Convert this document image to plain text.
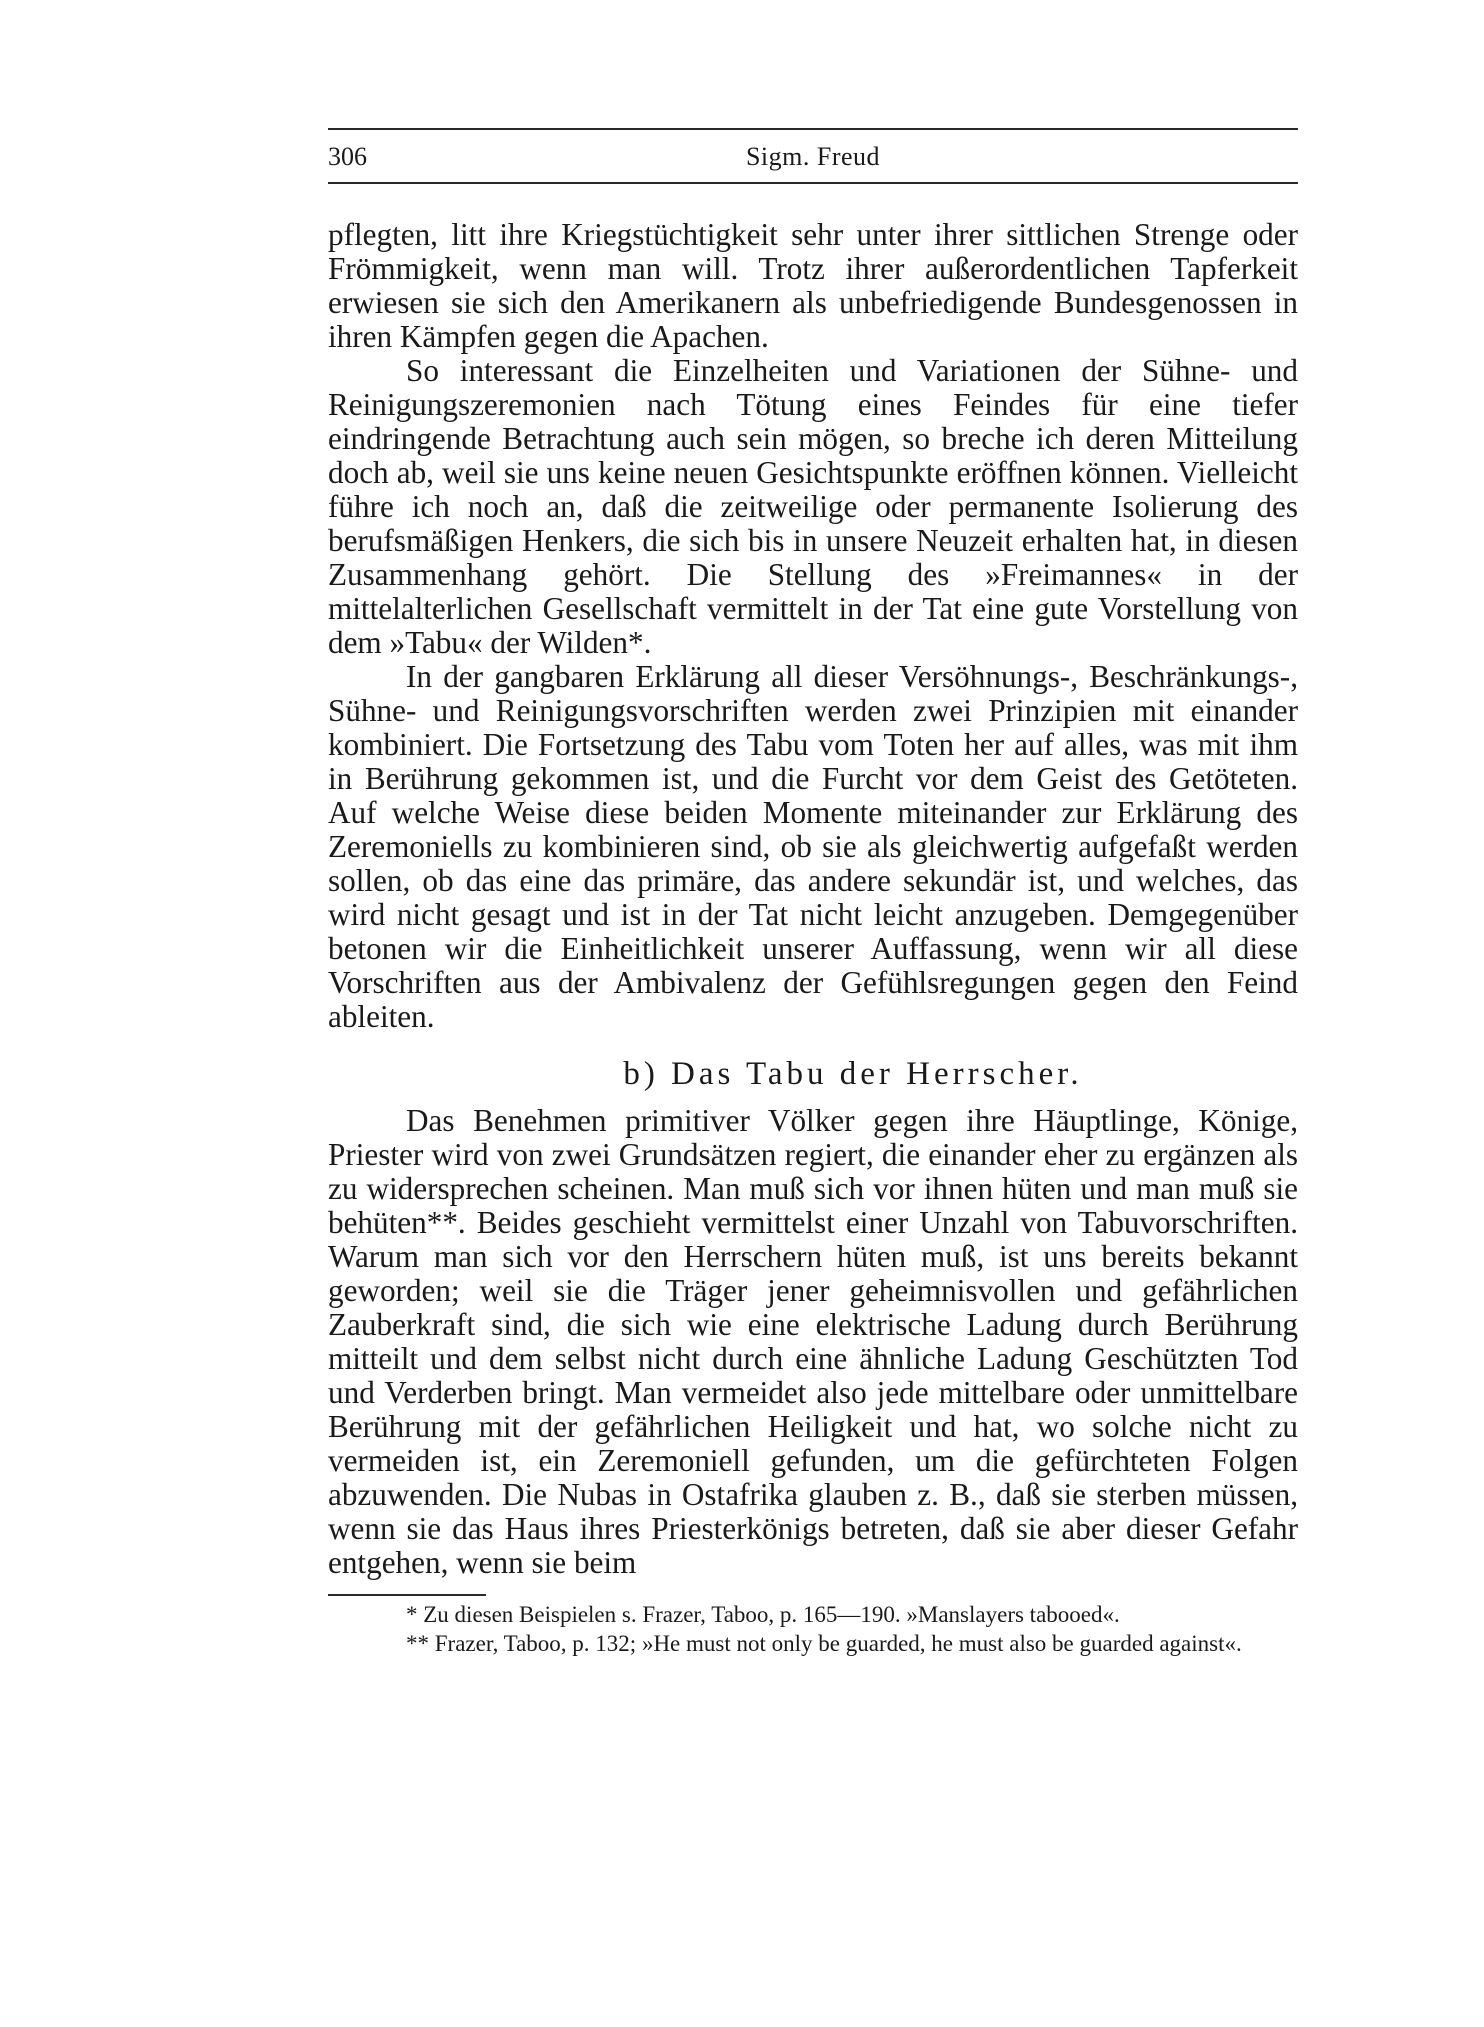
306	Sigm. Freud

pflegten, litt ihre Kriegstüchtigkeit sehr unter ihrer sittlichen Strenge oder Frömmigkeit, wenn man will. Trotz ihrer außerordentlichen Tapferkeit erwiesen sie sich den Amerikanern als unbefriedigende Bundesgenossen in ihren Kämpfen gegen die Apachen.

So interessant die Einzelheiten und Variationen der Sühne- und Reinigungszeremonien nach Tötung eines Feindes für eine tiefer eindringende Betrachtung auch sein mögen, so breche ich deren Mitteilung doch ab, weil sie uns keine neuen Gesichtspunkte eröffnen können. Vielleicht führe ich noch an, daß die zeitweilige oder permanente Isolierung des berufsmäßigen Henkers, die sich bis in unsere Neuzeit erhalten hat, in diesen Zusammenhang gehört. Die Stellung des »Freimannes« in der mittelalterlichen Gesellschaft vermittelt in der Tat eine gute Vorstellung von dem »Tabu« der Wilden*.

In der gangbaren Erklärung all dieser Versöhnungs-, Beschränkungs-, Sühne- und Reinigungsvorschriften werden zwei Prinzipien mit einander kombiniert. Die Fortsetzung des Tabu vom Toten her auf alles, was mit ihm in Berührung gekommen ist, und die Furcht vor dem Geist des Getöteten. Auf welche Weise diese beiden Momente miteinander zur Erklärung des Zeremoniells zu kombinieren sind, ob sie als gleichwertig aufgefaßt werden sollen, ob das eine das primäre, das andere sekundär ist, und welches, das wird nicht gesagt und ist in der Tat nicht leicht anzugeben. Demgegenüber betonen wir die Einheitlichkeit unserer Auffassung, wenn wir all diese Vorschriften aus der Ambivalenz der Gefühlsregungen gegen den Feind ableiten.

b) Das Tabu der Herrscher.

Das Benehmen primitiver Völker gegen ihre Häuptlinge, Könige, Priester wird von zwei Grundsätzen regiert, die einander eher zu ergänzen als zu widersprechen scheinen. Man muß sich vor ihnen hüten und man muß sie behüten**. Beides geschieht vermittelst einer Unzahl von Tabuvorschriften. Warum man sich vor den Herrschern hüten muß, ist uns bereits bekannt geworden; weil sie die Träger jener geheimnisvollen und gefährlichen Zauberkraft sind, die sich wie eine elektrische Ladung durch Berührung mitteilt und dem selbst nicht durch eine ähnliche Ladung Geschützten Tod und Verderben bringt. Man vermeidet also jede mittelbare oder unmittelbare Berührung mit der gefährlichen Heiligkeit und hat, wo solche nicht zu vermeiden ist, ein Zeremoniell gefunden, um die gefürchteten Folgen abzuwenden. Die Nubas in Ostafrika glauben z. B., daß sie sterben müssen, wenn sie das Haus ihres Priesterkönigs betreten, daß sie aber dieser Gefahr entgehen, wenn sie beim

* Zu diesen Beispielen s. Frazer, Taboo, p. 165—190. »Manslayers tabooed«.

** Frazer, Taboo, p. 132; »He must not only be guarded, he must also be guarded against«.
